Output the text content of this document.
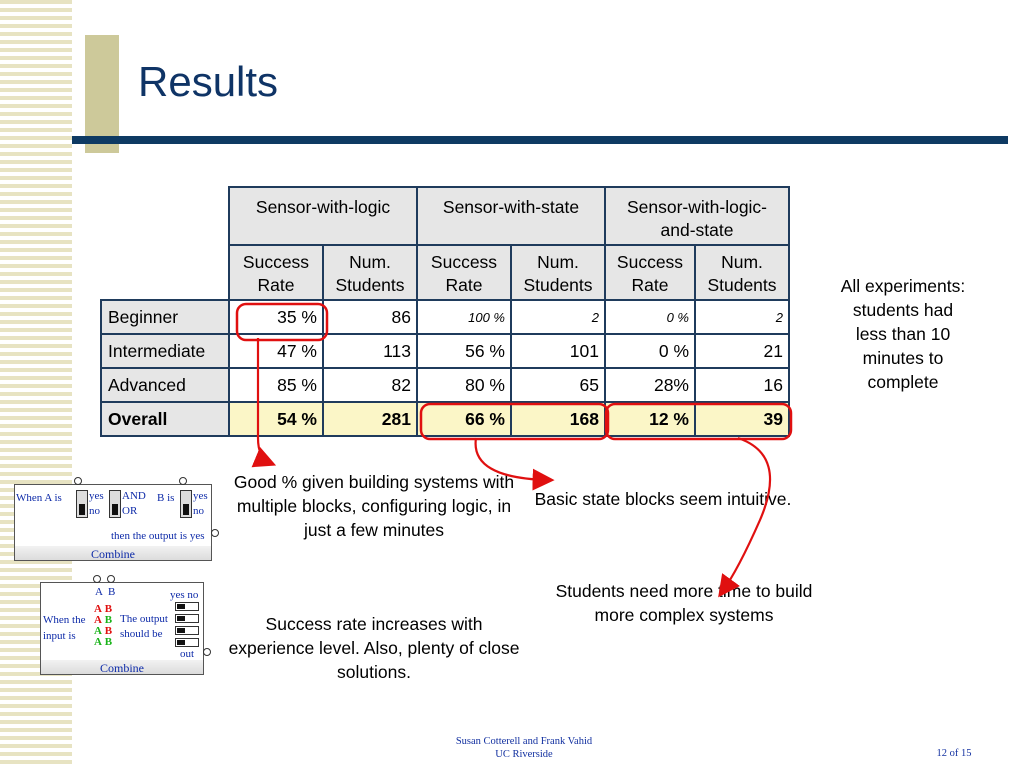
Results
	Sensor-with-logic		Sensor-with-state		Sensor-with-logic-and-state	
	Success Rate	Num. Students	Success Rate	Num. Students	Success Rate	Num. Students
Beginner	35 %	86	100 %	2	0 %	2
Intermediate	47 %	113	56 %	101	0 %	21
Advanced	85 %	82	80 %	65	28%	16
Overall	54 %	281	66 %	168	12 %	39
All experiments: students had less than 10 minutes to complete
Good % given building systems with multiple blocks, configuring logic, in just a few minutes
Basic state blocks seem intuitive.
Students need more time to build more complex systems
Success rate increases with experience level. Also, plenty of close solutions.
When A is yes
no
AND
OR
B is yes
no
then the output is yes
Combine
A B	yes no
When the input is
A B
A B
A B
A B
The output should be
out
Combine
Susan Cotterell and Frank Vahid
UC Riverside	12 of 15
